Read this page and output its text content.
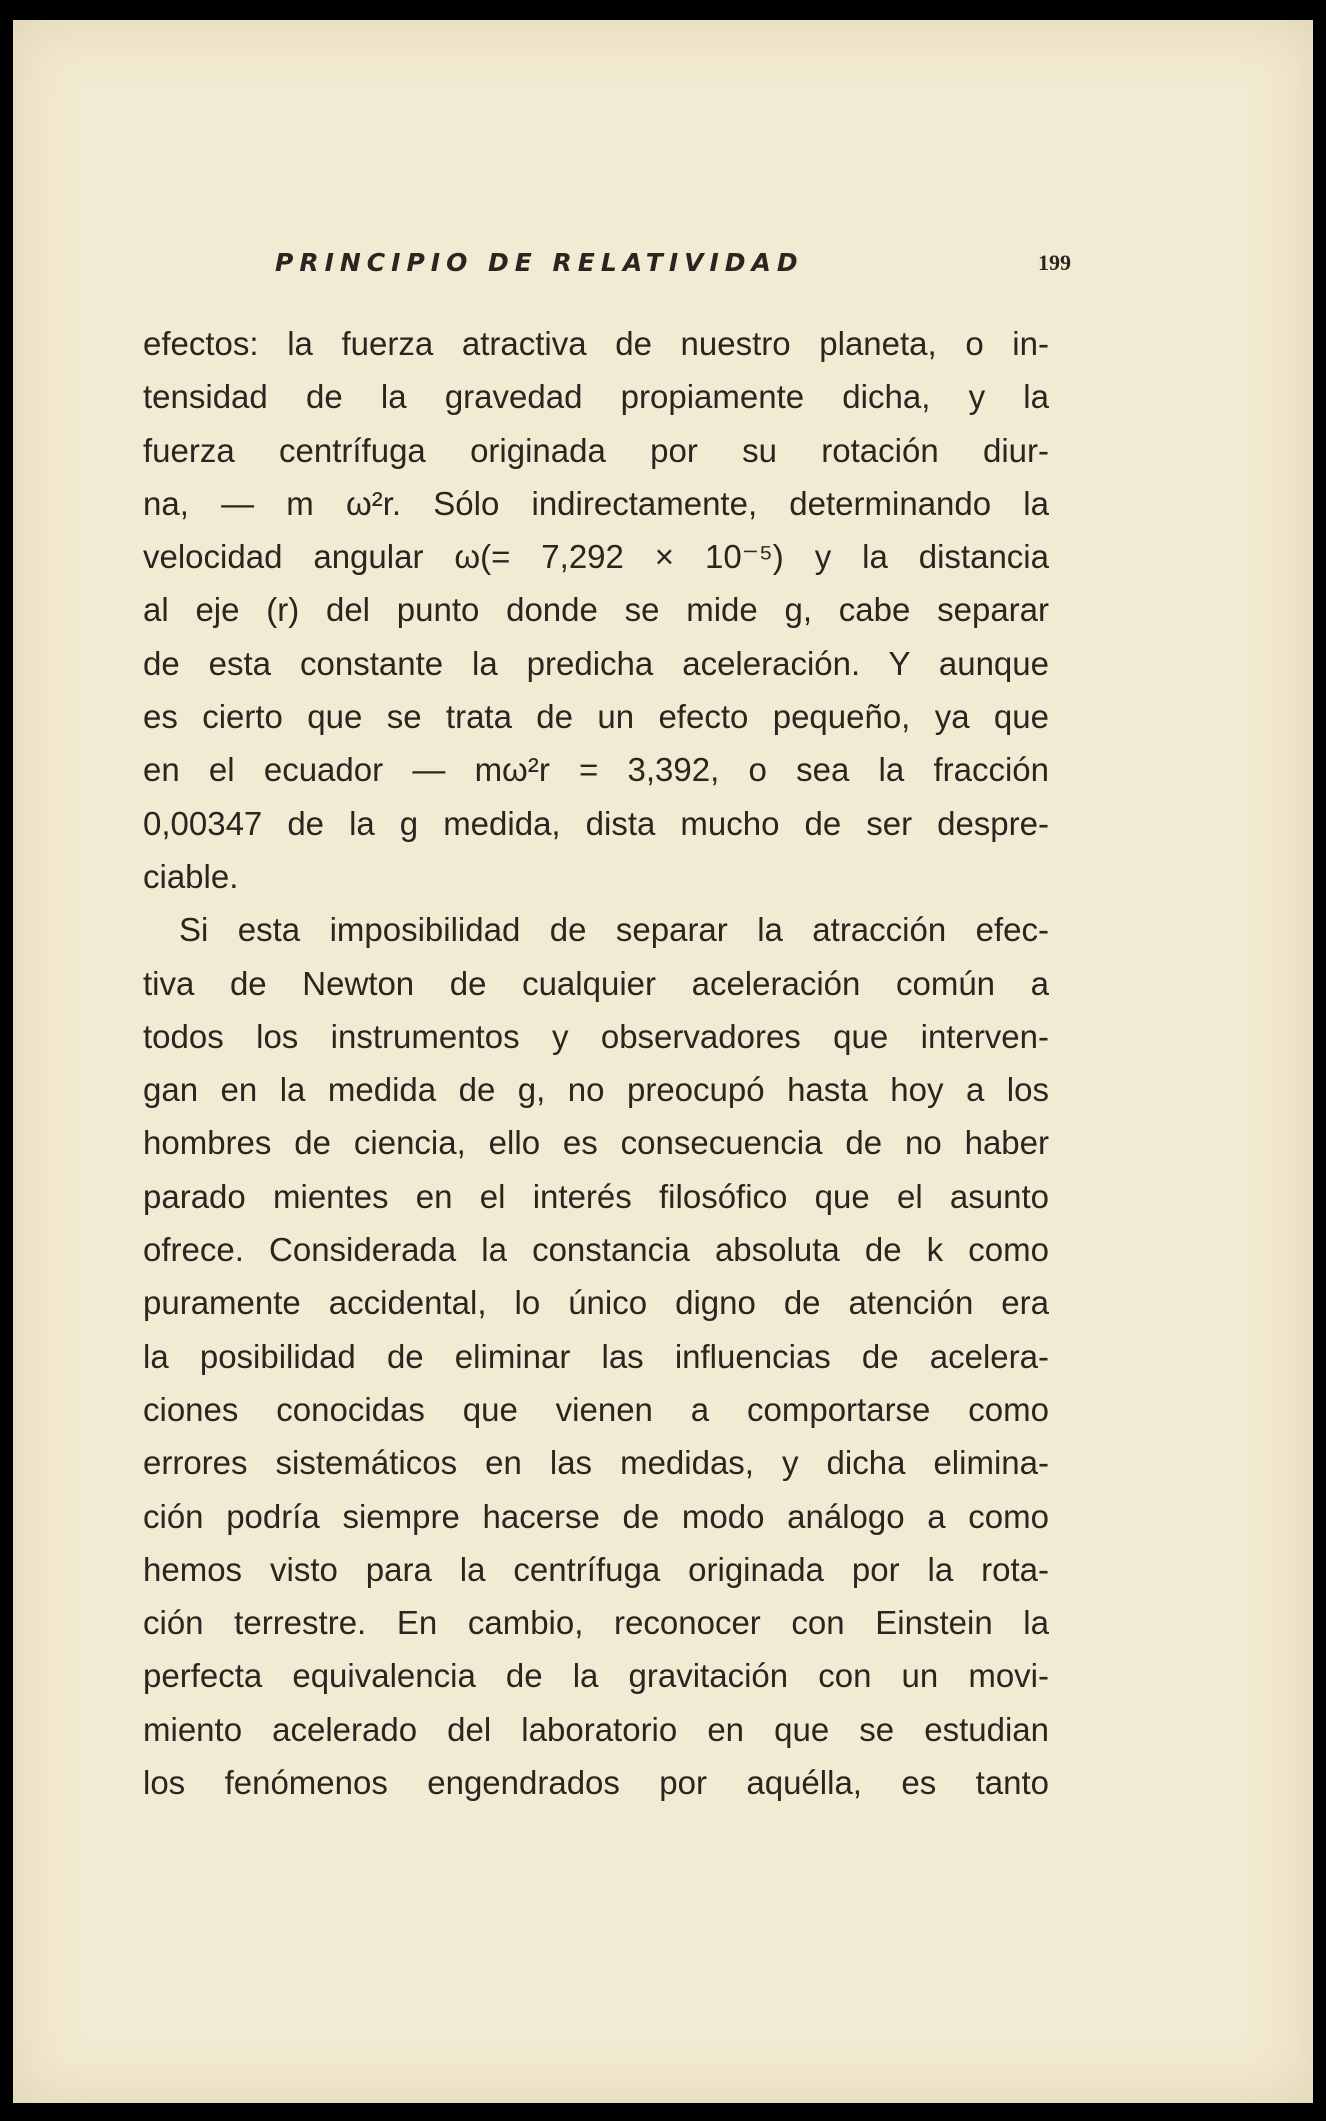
PRINCIPIO DE RELATIVIDAD	199
efectos: la fuerza atractiva de nuestro planeta, o in-
tensidad de la gravedad propiamente dicha, y la
fuerza centrífuga originada por su rotación diur-
na, — m ω²r. Sólo indirectamente, determinando la
velocidad angular ω(= 7,292 × 10⁻⁵) y la distancia
al eje (r) del punto donde se mide g, cabe separar
de esta constante la predicha aceleración. Y aunque
es cierto que se trata de un efecto pequeño, ya que
en el ecuador — mω²r = 3,392, o sea la fracción
0,00347 de la g medida, dista mucho de ser despre-
ciable.
Si esta imposibilidad de separar la atracción efec-
tiva de Newton de cualquier aceleración común a
todos los instrumentos y observadores que interven-
gan en la medida de g, no preocupó hasta hoy a los
hombres de ciencia, ello es consecuencia de no haber
parado mientes en el interés filosófico que el asunto
ofrece. Considerada la constancia absoluta de k como
puramente accidental, lo único digno de atención era
la posibilidad de eliminar las influencias de acelera-
ciones conocidas que vienen a comportarse como
errores sistemáticos en las medidas, y dicha elimina-
ción podría siempre hacerse de modo análogo a como
hemos visto para la centrífuga originada por la rota-
ción terrestre. En cambio, reconocer con Einstein la
perfecta equivalencia de la gravitación con un movi-
miento acelerado del laboratorio en que se estudian
los fenómenos engendrados por aquélla, es tanto
